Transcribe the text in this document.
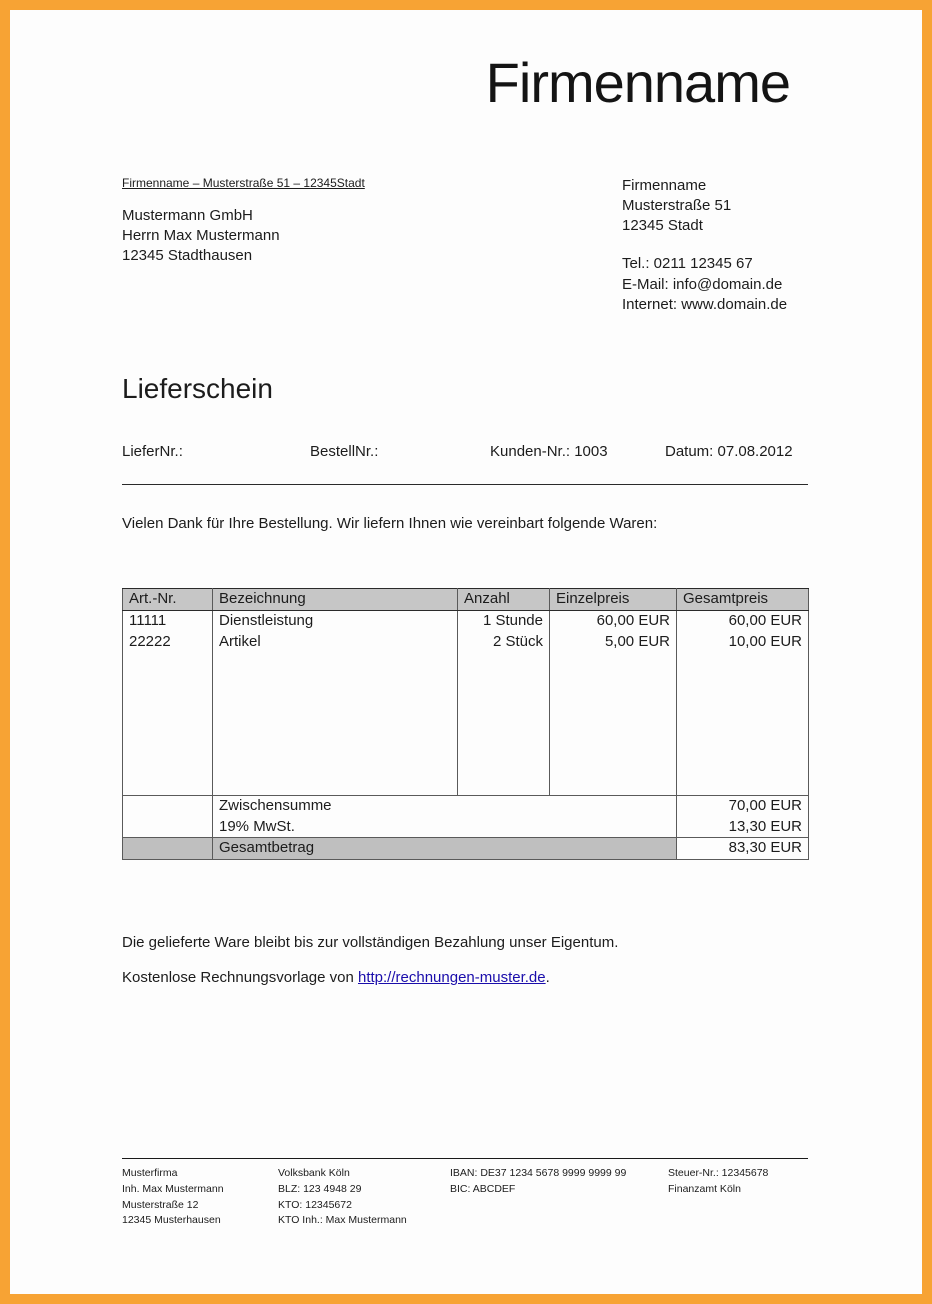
Firmenname
Firmenname – Musterstraße 51 – 12345Stadt
Mustermann GmbH
Herrn Max Mustermann
12345 Stadthausen
Firmenname
Musterstraße 51
12345 Stadt
Tel.: 0211 12345 67
E-Mail: info@domain.de
Internet: www.domain.de
Lieferschein
LieferNr.:	BestellNr.:	Kunden-Nr.: 1003	Datum: 07.08.2012
Vielen Dank für Ihre Bestellung. Wir liefern Ihnen wie vereinbart folgende Waren:
Art.-Nr.	Bezeichnung	Anzahl	Einzelpreis	Gesamtpreis
11111	Dienstleistung	1 Stunde	60,00 EUR	60,00 EUR
22222	Artikel	2 Stück	5,00 EUR	10,00 EUR

	Zwischensumme			70,00 EUR
	19% MwSt.			13,30 EUR
	Gesamtbetrag			83,30 EUR
Die gelieferte Ware bleibt bis zur vollständigen Bezahlung unser Eigentum.
Kostenlose Rechnungsvorlage von http://rechnungen-muster.de.
Musterfirma
Inh. Max Mustermann
Musterstraße 12
12345 Musterhausen
Volksbank Köln
BLZ: 123 4948 29
KTO: 12345672
KTO Inh.: Max Mustermann
IBAN: DE37 1234 5678 9999 9999 99
BIC: ABCDEF
Steuer-Nr.: 12345678
Finanzamt Köln
